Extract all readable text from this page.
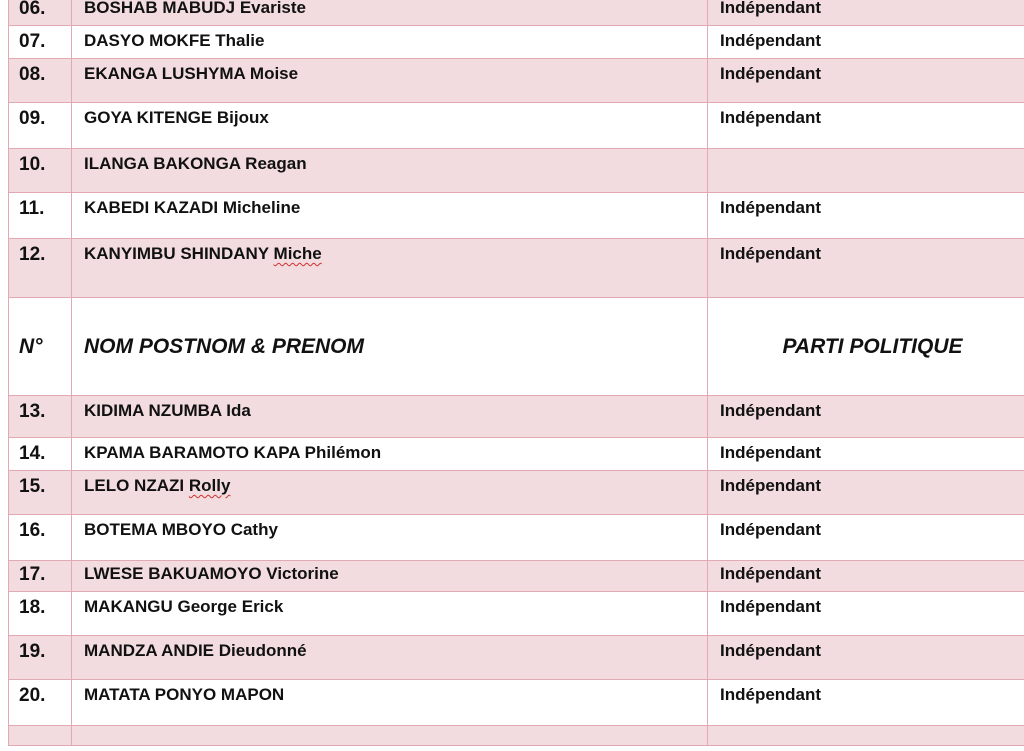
06.	BOSHAB MABUDJ Evariste	Indépendant

07.	DASYO MOKFE Thalie	Indépendant

08.	EKANGA LUSHYMA Moise	Indépendant

09.	GOYA KITENGE Bijoux	Indépendant

10.	ILANGA BAKONGA Reagan	

11.	KABEDI KAZADI Micheline	Indépendant

12.	KANYIMBU SHINDANY Miche	Indépendant

N°	NOM POSTNOM & PRENOM	PARTI POLITIQUE

13.	KIDIMA NZUMBA Ida	Indépendant

14.	KPAMA BARAMOTO KAPA Philémon	Indépendant

15.	LELO NZAZI Rolly	Indépendant

16.	BOTEMA MBOYO Cathy	Indépendant

17.	LWESE BAKUAMOYO Victorine	Indépendant

18.	MAKANGU George Erick	Indépendant

19.	MANDZA ANDIE Dieudonné	Indépendant

20.	MATATA PONYO MAPON	Indépendant
